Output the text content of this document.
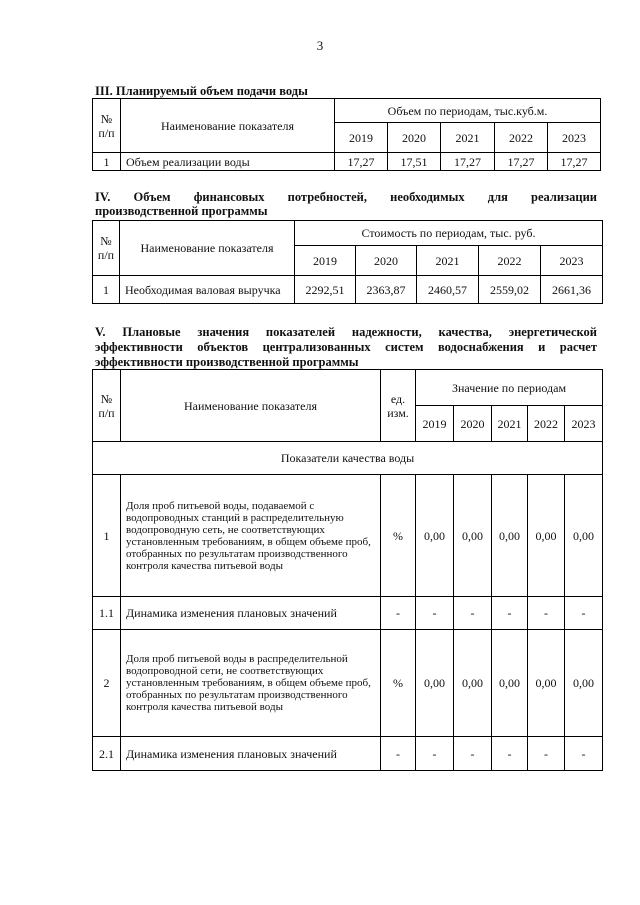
3
III. Планируемый объем подачи воды
№ п/п	Наименование показателя	Объем по периодам, тыс.куб.м.				
		2019	2020	2021	2022	2023
1	Объем реализации воды	17,27	17,51	17,27	17,27	17,27
IV. Объем финансовых потребностей, необходимых для реализации
производственной программы
№ п/п	Наименование показателя	Стоимость по периодам, тыс. руб.				
		2019	2020	2021	2022	2023
1	Необходимая валовая выручка	2292,51	2363,87	2460,57	2559,02	2661,36
V. Плановые значения показателей надежности, качества, энергетической
эффективности объектов централизованных систем водоснабжения и расчет
эффективности производственной программы
№ п/п	Наименование показателя	ед. изм.	Значение по периодам				
			2019	2020	2021	2022	2023
Показатели качества воды							
1	Доля проб питьевой воды, подаваемой с водопроводных станций в распределительную водопроводную сеть, не соответствующих установленным требованиям, в общем объеме проб, отобранных по результатам производственного контроля качества питьевой воды	%	0,00	0,00	0,00	0,00	0,00
1.1	Динамика изменения плановых значений	-	-	-	-	-	-
2	Доля проб питьевой воды в распределительной водопроводной сети, не соответствующих установленным требованиям, в общем объеме проб, отобранных по результатам производственного контроля качества питьевой воды	%	0,00	0,00	0,00	0,00	0,00
2.1	Динамика изменения плановых значений	-	-	-	-	-	-
